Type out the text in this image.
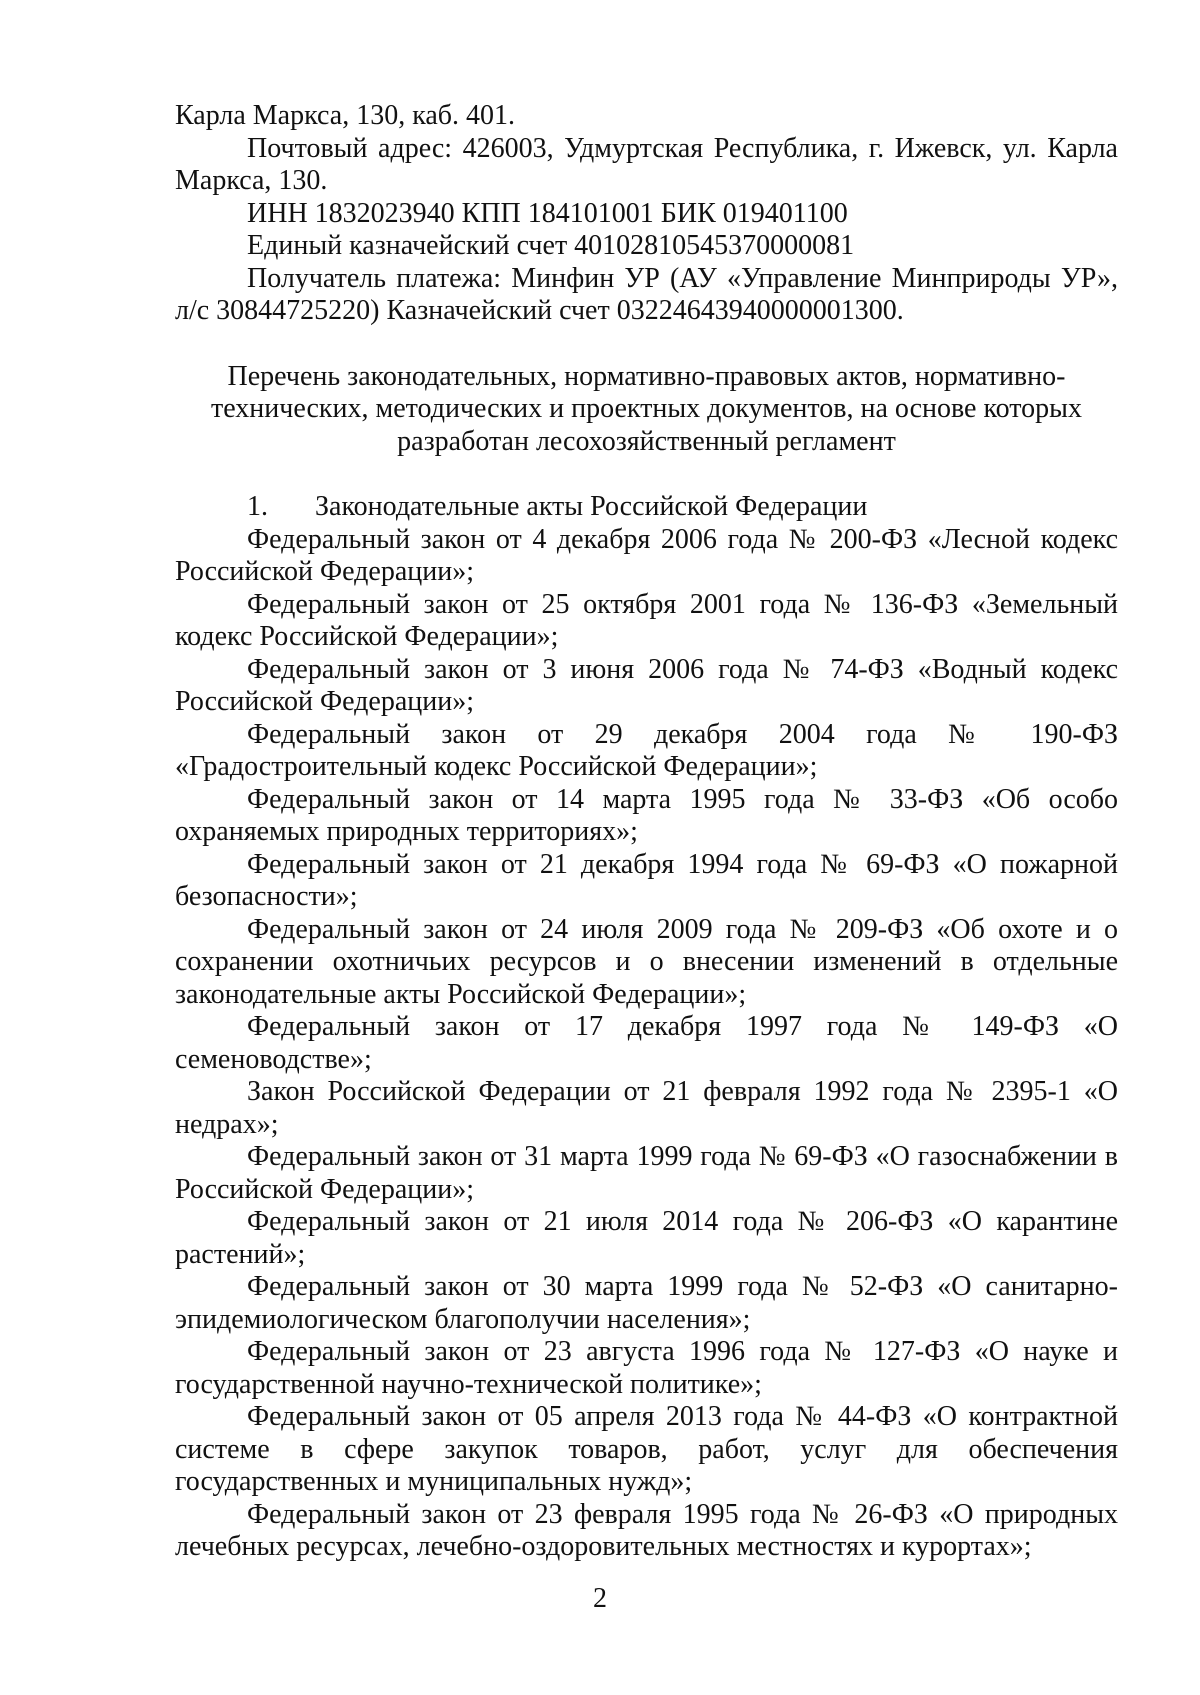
Карла Маркса, 130, каб. 401.

Почтовый адрес: 426003, Удмуртская Республика, г. Ижевск, ул. Карла Маркса, 130.

ИНН 1832023940 КПП 184101001 БИК 019401100

Единый казначейский счет 40102810545370000081

Получатель платежа: Минфин УР (АУ «Управление Минприроды УР», л/с 30844725220) Казначейский счет 03224643940000001300.

Перечень законодательных, нормативно-правовых актов, нормативно-технических, методических и проектных документов, на основе которых разработан лесохозяйственный регламент

1. Законодательные акты Российской Федерации

Федеральный закон от 4 декабря 2006 года № 200-ФЗ «Лесной кодекс Российской Федерации»;

Федеральный закон от 25 октября 2001 года № 136-ФЗ «Земельный кодекс Российской Федерации»;

Федеральный закон от 3 июня 2006 года № 74-ФЗ «Водный кодекс Российской Федерации»;

Федеральный закон от 29 декабря 2004 года № 190-ФЗ «Градостроительный кодекс Российской Федерации»;

Федеральный закон от 14 марта 1995 года № 33-ФЗ «Об особо охраняемых природных территориях»;

Федеральный закон от 21 декабря 1994 года № 69-ФЗ «О пожарной безопасности»;

Федеральный закон от 24 июля 2009 года № 209-ФЗ «Об охоте и о сохранении охотничьих ресурсов и о внесении изменений в отдельные законодательные акты Российской Федерации»;

Федеральный закон от 17 декабря 1997 года № 149-ФЗ «О семеноводстве»;

Закон Российской Федерации от 21 февраля 1992 года № 2395-1 «О недрах»;

Федеральный закон от 31 марта 1999 года № 69-ФЗ «О газоснабжении в Российской Федерации»;

Федеральный закон от 21 июля 2014 года № 206-ФЗ «О карантине растений»;

Федеральный закон от 30 марта 1999 года № 52-ФЗ «О санитарно-эпидемиологическом благополучии населения»;

Федеральный закон от 23 августа 1996 года № 127-ФЗ «О науке и государственной научно-технической политике»;

Федеральный закон от 05 апреля 2013 года № 44-ФЗ «О контрактной системе в сфере закупок товаров, работ, услуг для обеспечения государственных и муниципальных нужд»;

Федеральный закон от 23 февраля 1995 года № 26-ФЗ «О природных лечебных ресурсах, лечебно-оздоровительных местностях и курортах»;

2
